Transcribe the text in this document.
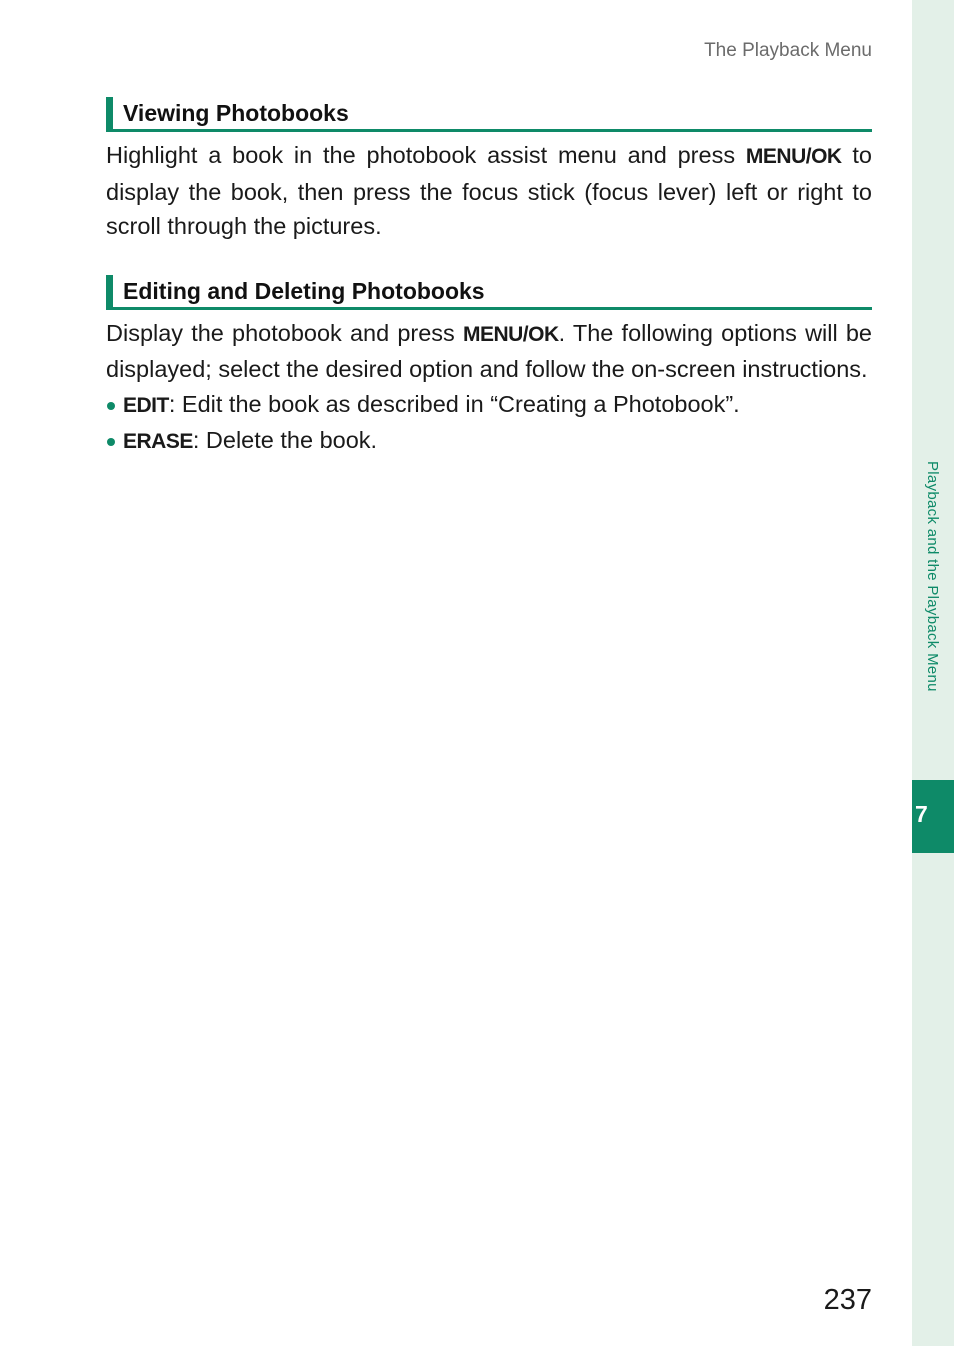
The Playback Menu
Viewing Photobooks

Highlight a book in the photobook assist menu and press MENU/OK to display the book, then press the focus stick (focus lever) left or right to scroll through the pictures.

Editing and Deleting Photobooks

Display the photobook and press MENU/OK. The following options will be displayed; select the desired option and follow the on-screen instructions.

EDIT: Edit the book as described in “Creating a Photobook”.
ERASE: Delete the book.
Playback and the Playback Menu
7
237
